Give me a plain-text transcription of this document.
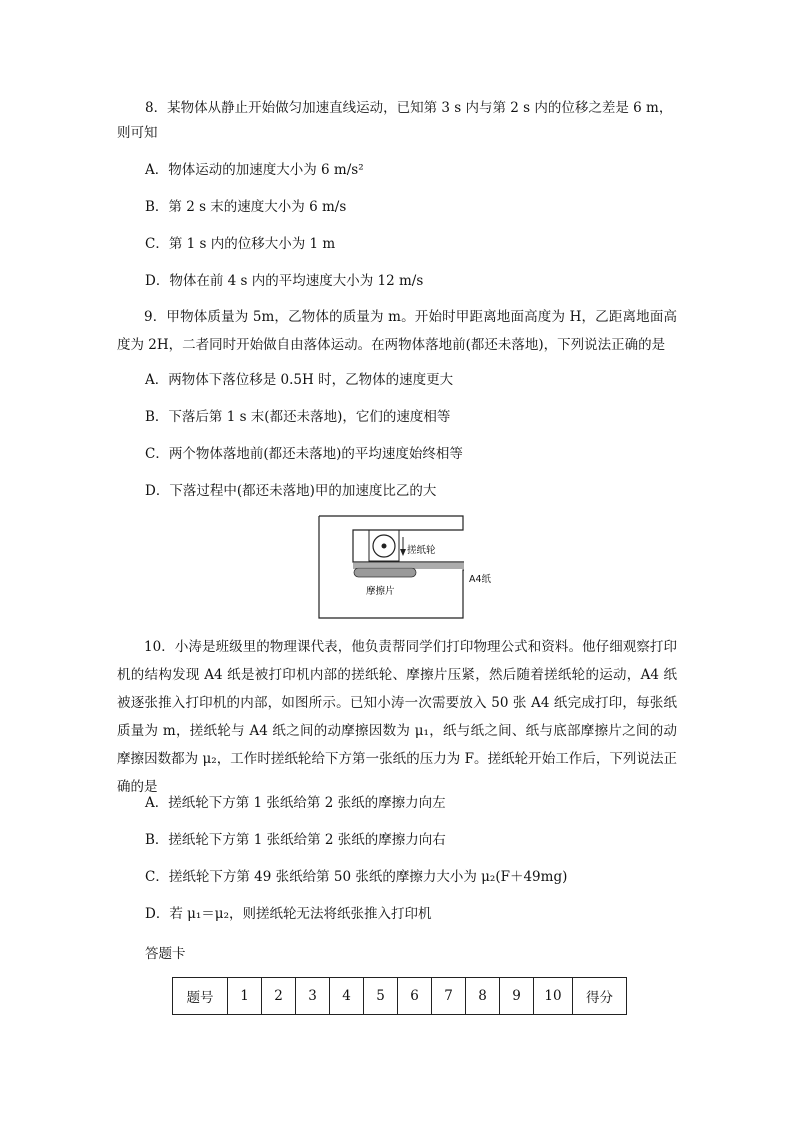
8．某物体从静止开始做匀加速直线运动，已知第 3 s 内与第 2 s 内的位移之差是 6 m，
则可知
A．物体运动的加速度大小为 6 m/s²
B．第 2 s 末的速度大小为 6 m/s
C．第 1 s 内的位移大小为 1 m
D．物体在前 4 s 内的平均速度大小为 12 m/s
9．甲物体质量为 5m，乙物体的质量为 m。开始时甲距离地面高度为 H，乙距离地面高度为 2H，二者同时开始做自由落体运动。在两物体落地前(都还未落地)，下列说法正确的是
A．两物体下落位移是 0.5H 时，乙物体的速度更大
B．下落后第 1 s 末(都还未落地)，它们的速度相等
C．两个物体落地前(都还未落地)的平均速度始终相等
D．下落过程中(都还未落地)甲的加速度比乙的大
搓纸轮
摩擦片
A4纸
10．小涛是班级里的物理课代表，他负责帮同学们打印物理公式和资料。他仔细观察打印机的结构发现 A4 纸是被打印机内部的搓纸轮、摩擦片压紧，然后随着搓纸轮的运动，A4 纸被逐张推入打印机的内部，如图所示。已知小涛一次需要放入 50 张 A4 纸完成打印，每张纸质量为 m，搓纸轮与 A4 纸之间的动摩擦因数为 μ₁，纸与纸之间、纸与底部摩擦片之间的动摩擦因数都为 μ₂，工作时搓纸轮给下方第一张纸的压力为 F。搓纸轮开始工作后，下列说法正确的是
A．搓纸轮下方第 1 张纸给第 2 张纸的摩擦力向左
B．搓纸轮下方第 1 张纸给第 2 张纸的摩擦力向右
C．搓纸轮下方第 49 张纸给第 50 张纸的摩擦力大小为 μ₂(F＋49mg)
D．若 μ₁＝μ₂，则搓纸轮无法将纸张推入打印机
答题卡
题号	1	2	3	4	5	6	7	8	9	10	得分
